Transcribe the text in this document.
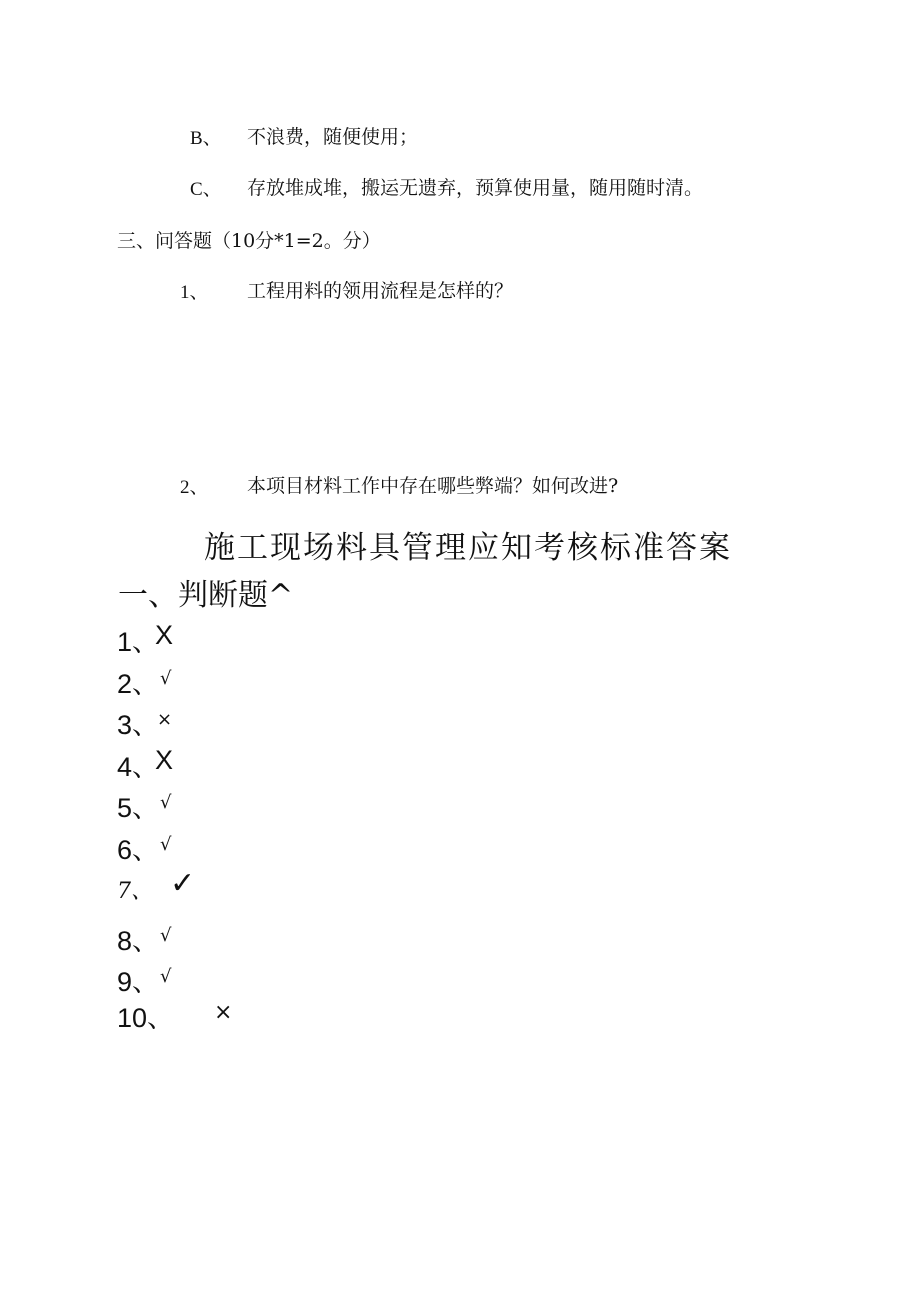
B、 不浪费，随便使用；
C、 存放堆成堆，搬运无遗弃，预算使用量，随用随时清。
三、问答题（10分*1=2。分）
1、 工程用料的领用流程是怎样的？
2、 本项目材料工作中存在哪些弊端？如何改进?
施工现场料具管理应知考核标准答案
一、判断题^
1、
X
2、 √
3、
×
4、
X
5、 √
6、 √
7、 ✓
8、 √
9、 √
10、 ×
